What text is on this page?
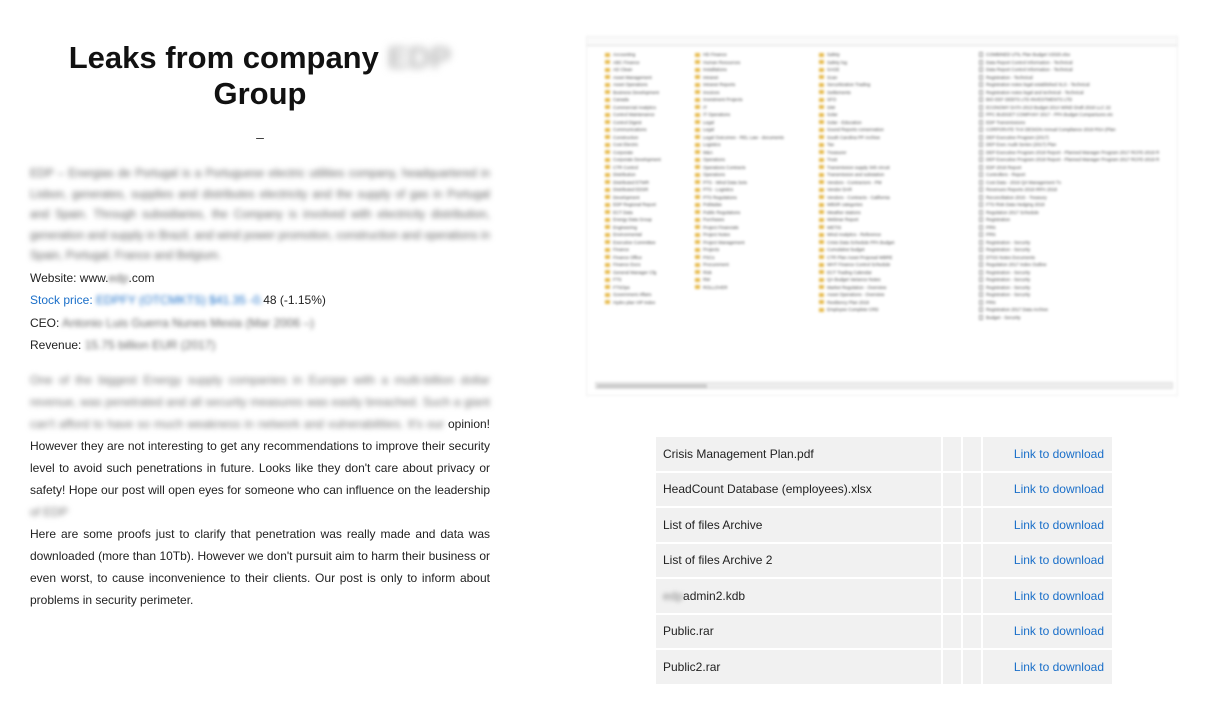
Leaks from company EDP
Group
–
EDP – Energias de Portugal is a Portuguese electric utilities company, headquartered in Lisbon, generates, supplies and distributes electricity and the supply of gas in Portugal and Spain. Through subsidiaries, the Company is involved with electricity distribution, generation and supply in Brazil, and wind power promotion, construction and operations in Spain, Portugal, France and Belgium.
Website: www.edp.com
Stock price: EDPFY (OTCMKTS) $41.35 -0.48 (-1.15%)
CEO: Antonio Luis Guerra Nunes Mexia (Mar 2006 –)
Revenue: 15.75 billion EUR (2017)
One of the biggest Energy supply companies in Europe with a multi-billion dollar revenue, was penetrated and all security measures was easily breached. Such a giant can't afford to have so much weakness in network and vulnerabilities. It's our opinion! However they are not interesting to get any recommendations to improve their security level to avoid such penetrations in future. Looks like they don't care about privacy or safety! Hope our post will open eyes for someone who can influence on the leadership of EDP
Here are some proofs just to clarify that penetration was really made and data was downloaded (more than 10Tb). However we don't pursuit aim to harm their business or even worst, to cause inconvenience to their clients. Our post is only to inform about problems in security perimeter.
Accounting
ABC Finance
AD Clean
Asset Management
Asset Operations
Business Development
Canada
Commercial Analytics
Control Maintenance
Control Digest
Communications
Construction
Cost Electric
Corporate
Corporate Development
CTR Control
Distribution
Distributed ETWR
Distributed EDSR
Development
EDP Regional Report
ECT Data
Energy Data Group
Engineering
Environmental
Executive Committee
Finance
Finance Office
Finance Docs
General Manager Cfg
FTS
FTSOps
Government Affairs
Hydro plan VIP index
HD Finance
Human Resources
Installations
Intranet
Intranet Reports
Invoices
Investment Projects
IT
IT Operations
Legal
Legal
Legal Outcomes - REL Law - documents
Logistics
M&A
Operations
Operations Contracts
Operations
PTS - Wind Data Sets
PTS - Logistics
PTS Regulations
Pobladas
Public Regulations
Purchases
Project Financials
Project Notes
Project Management
Projects
PSCs
Procurement
Risk
RM
ROLLOVER
Safety
Safety log
SAGE
Scan
Securitization Trading
Settlements
SFO
SIM
Solar
Solar - Education
Sound Reports conservation
South Carolina PP Archive
Tax
Treasurer
Trust
Transmission supply 345 circuit
Transmission and substation
Vendors - Contractors - PM
Vendor DAR
Vendors - Contracts - California
WBSR categories
Weather stations
Webinar Report
WETIS
Wind Analytics - Reference
Crisis Data Schedule PPA Budget
Cumulative budget
CTR Plan Asset Proposal WBRE
WHT Finance Control Schedule
ECT Trading Calendar
QA Budget Variance Notes
Market Regulation - Overview
Asset Operations - Overview
Resiliency Plan 2018
Employee Complete CRD
COMBINED UTIL Plan Budget V2020.xlsx
Data Report Control Information - Technical
Data Report Control Information - Technical
Registration - Technical
Registration notes legal established XLS - Technical
Registration notes legal and technical - Technical
BIO EEF DEBTS LTD INVESTMENTS LTD
ECONOMY DATA 2013 Budget 2014 WIND Draft 2018 LLC 22
PPC BUDGET COMPANY 2017 - PPA Budget Comparisons etc
EDP Transmissions
CORPORATE TAX DESIGN Annual Compliance 2019 RSA (Plan
DEP Executive Program (2017)
DEP Exec Audit Series (2017) Plan
DEP Executive Program 2018 Report - Planned Manager Program 2017 RCFE-2019 R
DEP Executive Program 2018 Report - Planned Manager Program 2017 RCFE-2019 R
EDP 2018 Report
Controllers - Report
Cost Data - 2016 Q4 Management Tx
Revenues Reports 2018 IRPA 2018
Reconciliation 2015 - Treasury
FTS Risk Data Hedging 2018
Regulation 2017 Schedule
Registration
PRN
PRN
Registration - Security
Registration - Security
DTSS Notes Documents
Regulation 2017 Index Outline
Registration - Security
Registration - Security
Registration - Security
Registration - Security
PRN
Registration 2017 Data Archive
Budget - Security
Crisis Management Plan.pdf			Link to download
HeadCount Database (employees).xlsx			Link to download
List of files Archive			Link to download
List of files Archive 2			Link to download
edpadmin2.kdb			Link to download
Public.rar			Link to download
Public2.rar			Link to download
